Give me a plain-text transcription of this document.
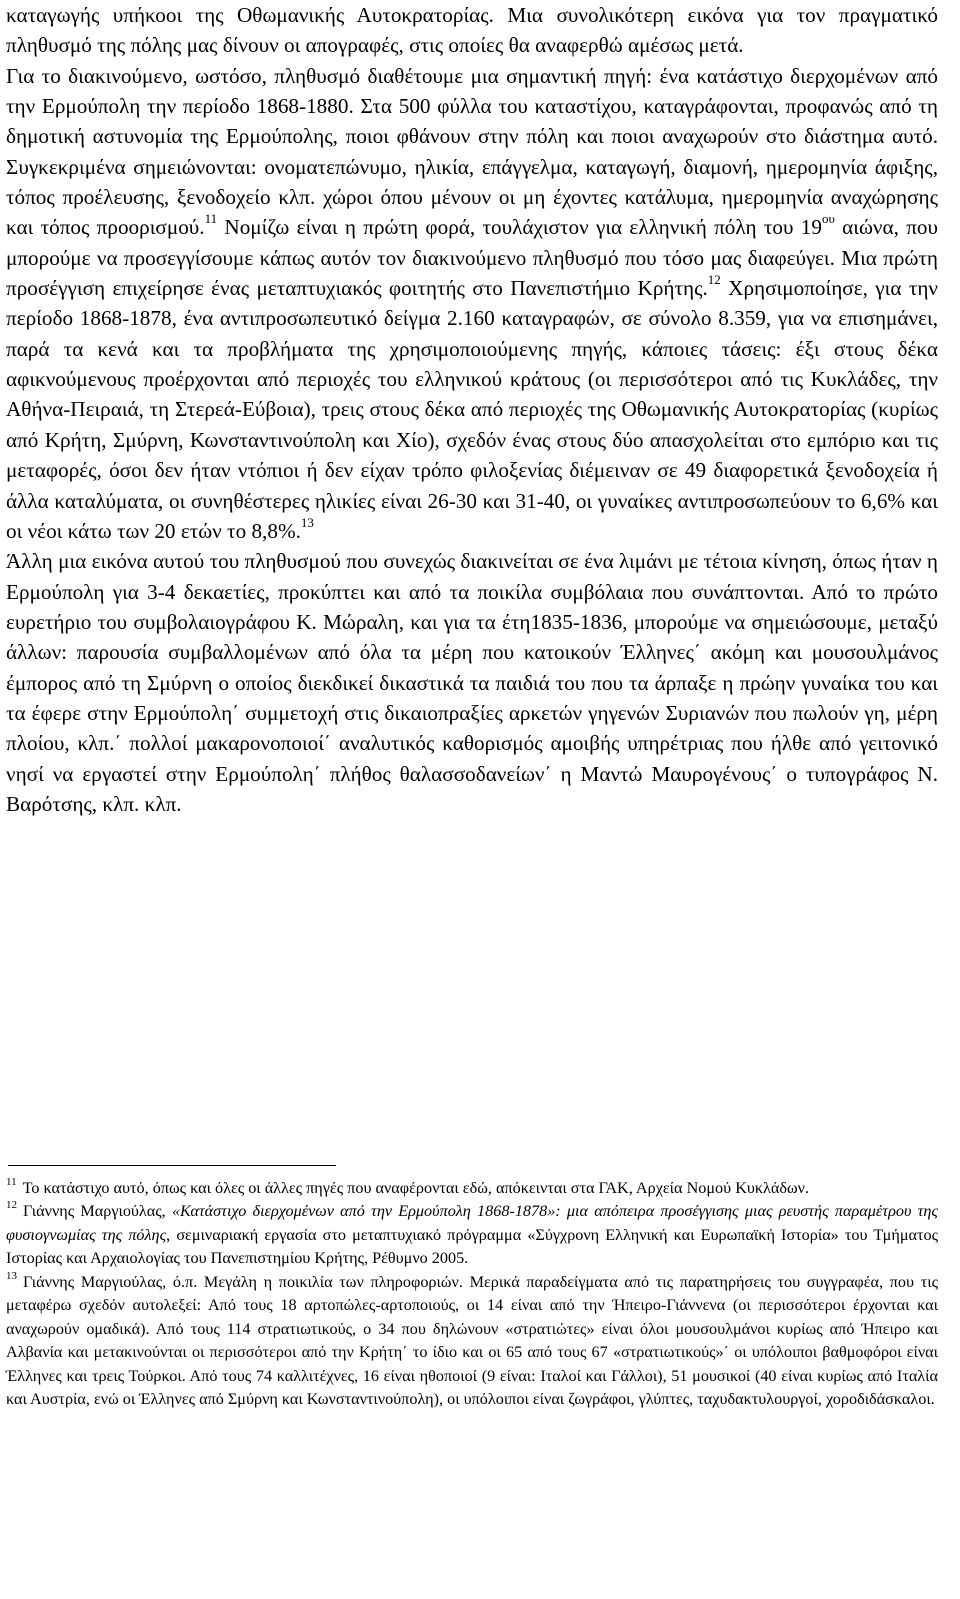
καταγωγής υπήκοοι της Οθωμανικής Αυτοκρατορίας. Μια συνολικότερη εικόνα για τον πραγματικό πληθυσμό της πόλης μας δίνουν οι απογραφές, στις οποίες θα αναφερθώ αμέσως μετά.

Για το διακινούμενο, ωστόσο, πληθυσμό διαθέτουμε μια σημαντική πηγή: ένα κατάστιχο διερχομένων από την Ερμούπολη την περίοδο 1868-1880. Στα 500 φύλλα του καταστίχου, καταγράφονται, προφανώς από τη δημοτική αστυνομία της Ερμούπολης, ποιοι φθάνουν στην πόλη και ποιοι αναχωρούν στο διάστημα αυτό. Συγκεκριμένα σημειώνονται: ονοματεπώνυμο, ηλικία, επάγγελμα, καταγωγή, διαμονή, ημερομηνία άφιξης, τόπος προέλευσης, ξενοδοχείο κλπ. χώροι όπου μένουν οι μη έχοντες κατάλυμα, ημερομηνία αναχώρησης και τόπος προορισμού.$^{11}$ Νομίζω είναι η πρώτη φορά, τουλάχιστον για ελληνική πόλη του $19^{o\upsilon}$ αιώνα, που μπορούμε να προσεγγίσουμε κάπως αυτόν τον διακινούμενο πληθυσμό που τόσο μας διαφεύγει. Μια πρώτη προσέγγιση επιχείρησε ένας μεταπτυχιακός φοιτητής στο Πανεπιστήμιο Κρήτης.$^{12}$ Χρησιμοποίησε, για την περίοδο 1868-1878, ένα αντιπροσωπευτικό δείγμα 2.160 καταγραφών, σε σύνολο 8.359, για να επισημάνει, παρά τα κενά και τα προβλήματα της χρησιμοποιούμενης πηγής, κάποιες τάσεις: έξι στους δέκα αφικνούμενους προέρχονται από περιοχές του ελληνικού κράτους (οι περισσότεροι από τις Κυκλάδες, την Αθήνα-Πειραιά, τη Στερεά-Εύβοια), τρεις στους δέκα από περιοχές της Οθωμανικής Αυτοκρατορίας (κυρίως από Κρήτη, Σμύρνη, Κωνσταντινούπολη και Χίο), σχεδόν ένας στους δύο απασχολείται στο εμπόριο και τις μεταφορές, όσοι δεν ήταν ντόπιοι ή δεν είχαν τρόπο φιλοξενίας διέμειναν σε 49 διαφορετικά ξενοδοχεία ή άλλα καταλύματα, οι συνηθέστερες ηλικίες είναι 26-30 και 31-40, οι γυναίκες αντιπροσωπεύουν το 6,6% και οι νέοι κάτω των 20 ετών το 8,8%.$^{13}$

Άλλη μια εικόνα αυτού του πληθυσμού που συνεχώς διακινείται σε ένα λιμάνι με τέτοια κίνηση, όπως ήταν η Ερμούπολη για 3-4 δεκαετίες, προκύπτει και από τα ποικίλα συμβόλαια που συνάπτονται. Από το πρώτο ευρετήριο του συμβολαιογράφου Κ. Μώραλη, και για τα έτη1835-1836, μπορούμε να σημειώσουμε, μεταξύ άλλων: παρουσία συμβαλλομένων από όλα τα μέρη που κατοικούν Έλληνες΄ ακόμη και μουσουλμάνος έμπορος από τη Σμύρνη ο οποίος διεκδικεί δικαστικά τα παιδιά του που τα άρπαξε η πρώην γυναίκα του και τα έφερε στην Ερμούπολη΄ συμμετοχή στις δικαιοπραξίες αρκετών γηγενών Συριανών που πωλούν γη, μέρη πλοίου, κλπ.΄ πολλοί μακαρονοποιοί΄ αναλυτικός καθορισμός αμοιβής υπηρέτριας που ήλθε από γειτονικό νησί να εργαστεί στην Ερμούπολη΄ πλήθος θαλασσοδανείων΄ η Μαντώ Μαυρογένους΄ ο τυπογράφος Ν. Βαρότσης, κλπ. κλπ.

$^{11}$ Το κατάστιχο αυτό, όπως και όλες οι άλλες πηγές που αναφέρονται εδώ, απόκεινται στα ΓΑΚ, Αρχεία Νομού Κυκλάδων.

$^{12}$ Γιάννης Μαργιούλας, «Κατάστιχο διερχομένων από την Ερμούπολη 1868-1878»: μια απόπειρα προσέγγισης μιας ρευστής παραμέτρου της φυσιογνωμίας της πόλης, σεμιναριακή εργασία στο μεταπτυχιακό πρόγραμμα «Σύγχρονη Ελληνική και Ευρωπαϊκή Ιστορία» του Τμήματος Ιστορίας και Αρχαιολογίας του Πανεπιστημίου Κρήτης, Ρέθυμνο 2005.

$^{13}$ Γιάννης Μαργιούλας, ό.π. Μεγάλη η ποικιλία των πληροφοριών. Μερικά παραδείγματα από τις παρατηρήσεις του συγγραφέα, που τις μεταφέρω σχεδόν αυτολεξεί: Από τους 18 αρτοπώλες-αρτοποιούς, οι 14 είναι από την Ήπειρο-Γιάννενα (οι περισσότεροι έρχονται και αναχωρούν ομαδικά). Από τους 114 στρατιωτικούς, ο 34 που δηλώνουν «στρατιώτες» είναι όλοι μουσουλμάνοι κυρίως από Ήπειρο και Αλβανία και μετακινούνται οι περισσότεροι από την Κρήτη΄ το ίδιο και οι 65 από τους 67 «στρατιωτικούς»΄ οι υπόλοιποι βαθμοφόροι είναι Έλληνες και τρεις Τούρκοι. Από τους 74 καλλιτέχνες, 16 είναι ηθοποιοί (9 είναι: Ιταλοί και Γάλλοι), 51 μουσικοί (40 είναι κυρίως από Ιταλία και Αυστρία, ενώ οι Έλληνες από Σμύρνη και Κωνσταντινούπολη), οι υπόλοιποι είναι ζωγράφοι, γλύπτες, ταχυδακτυλουργοί, χοροδιδάσκαλοι.
